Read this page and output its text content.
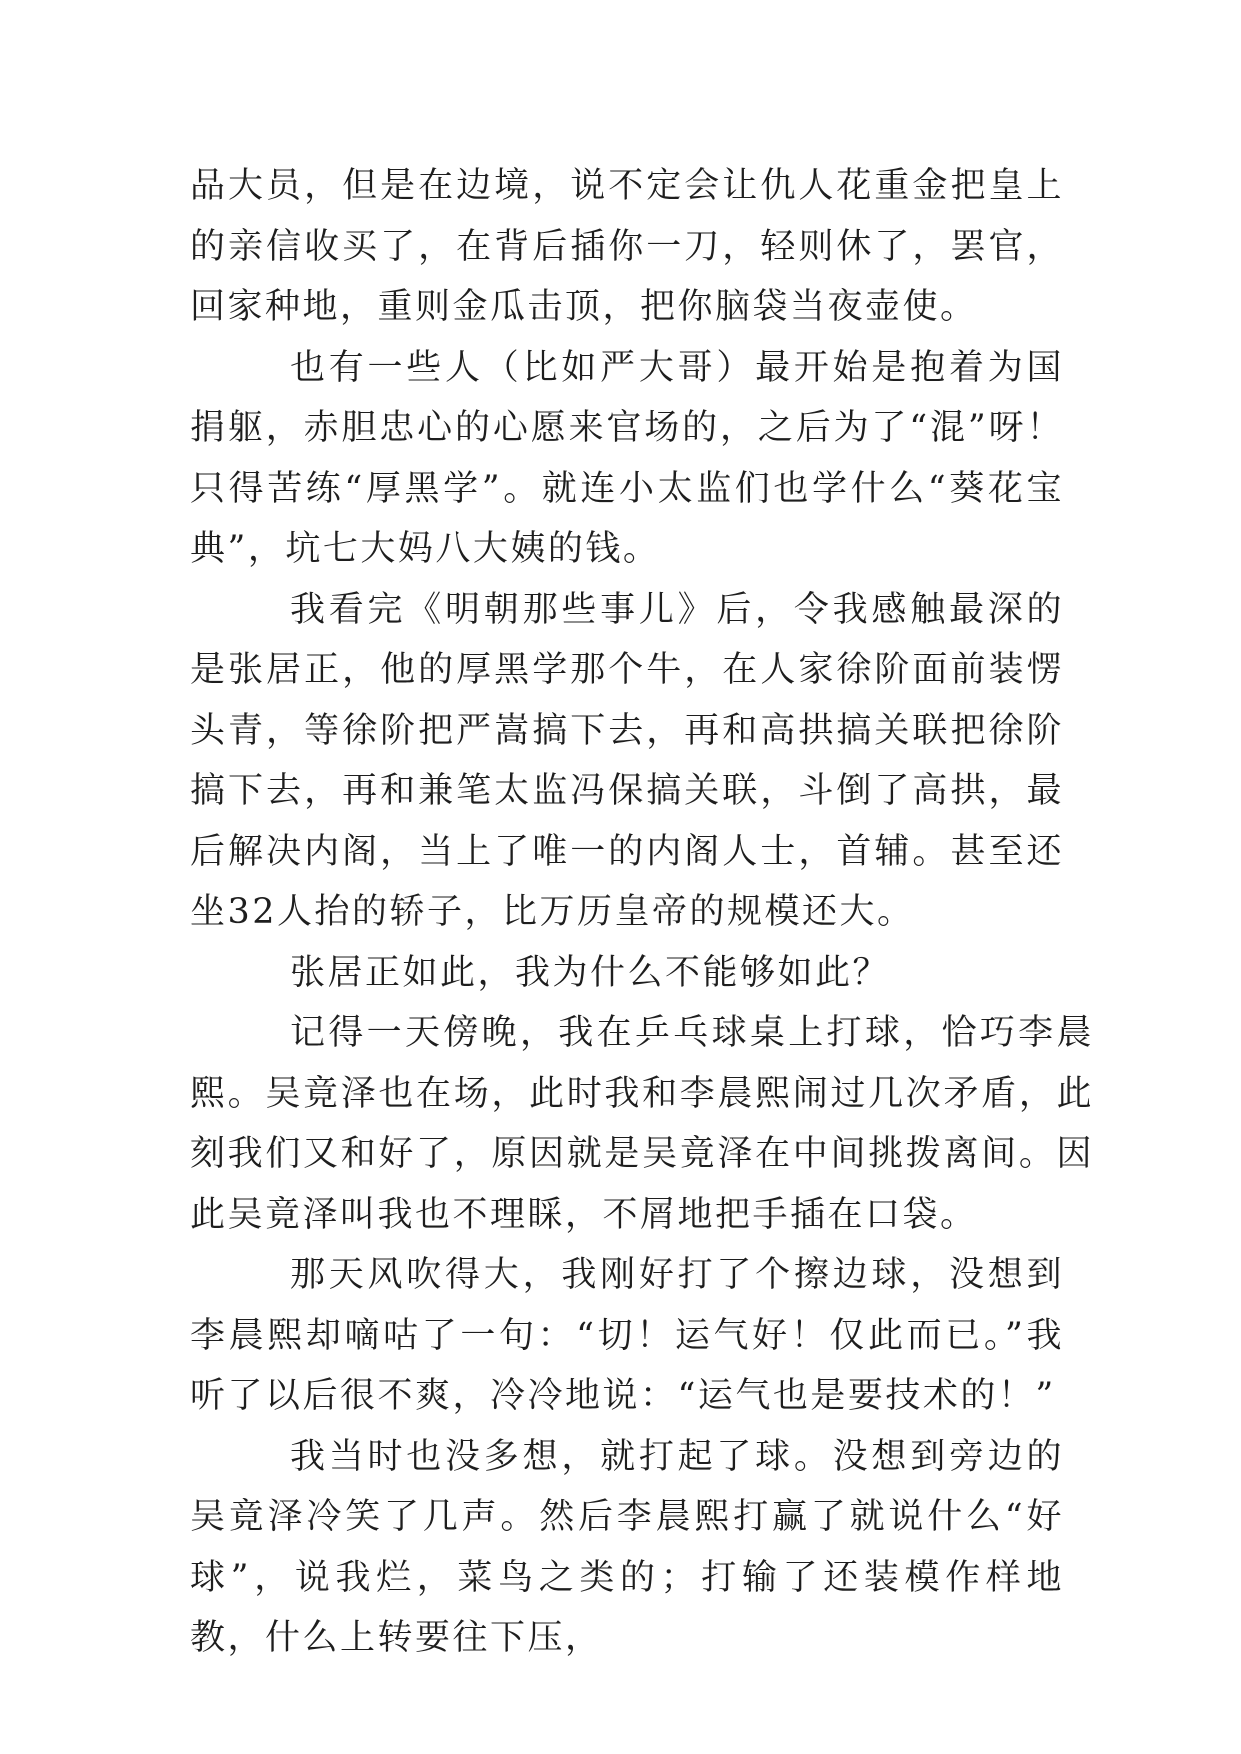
品大员，但是在边境，说不定会让仇人花重金把皇上的亲信收买了，在背后插你一刀，轻则休了，罢官，回家种地，重则金瓜击顶，把你脑袋当夜壶使。

也有一些人（比如严大哥）最开始是抱着为国捐躯，赤胆忠心的心愿来官场的，之后为了“混”呀！只得苦练“厚黑学”。就连小太监们也学什么“葵花宝典”，坑七大妈八大姨的钱。

我看完《明朝那些事儿》后，令我感触最深的是张居正，他的厚黑学那个牛，在人家徐阶面前装愣头青，等徐阶把严嵩搞下去，再和高拱搞关联把徐阶搞下去，再和兼笔太监冯保搞关联，斗倒了高拱，最后解决内阁，当上了唯一的内阁人士，首辅。甚至还坐32人抬的轿子，比万历皇帝的规模还大。

张居正如此，我为什么不能够如此？

记得一天傍晚，我在乒乓球桌上打球，恰巧李晨熙。吴竟泽也在场，此时我和李晨熙闹过几次矛盾，此刻我们又和好了，原因就是吴竟泽在中间挑拨离间。因此吴竟泽叫我也不理睬，不屑地把手插在口袋。

那天风吹得大，我刚好打了个擦边球，没想到李晨熙却嘀咕了一句：“切！运气好！仅此而已。”我听了以后很不爽，冷冷地说：“运气也是要技术的！”

我当时也没多想，就打起了球。没想到旁边的吴竟泽冷笑了几声。然后李晨熙打赢了就说什么“好球”，说我烂，菜鸟之类的；打输了还装模作样地教，什么上转要往下压，
